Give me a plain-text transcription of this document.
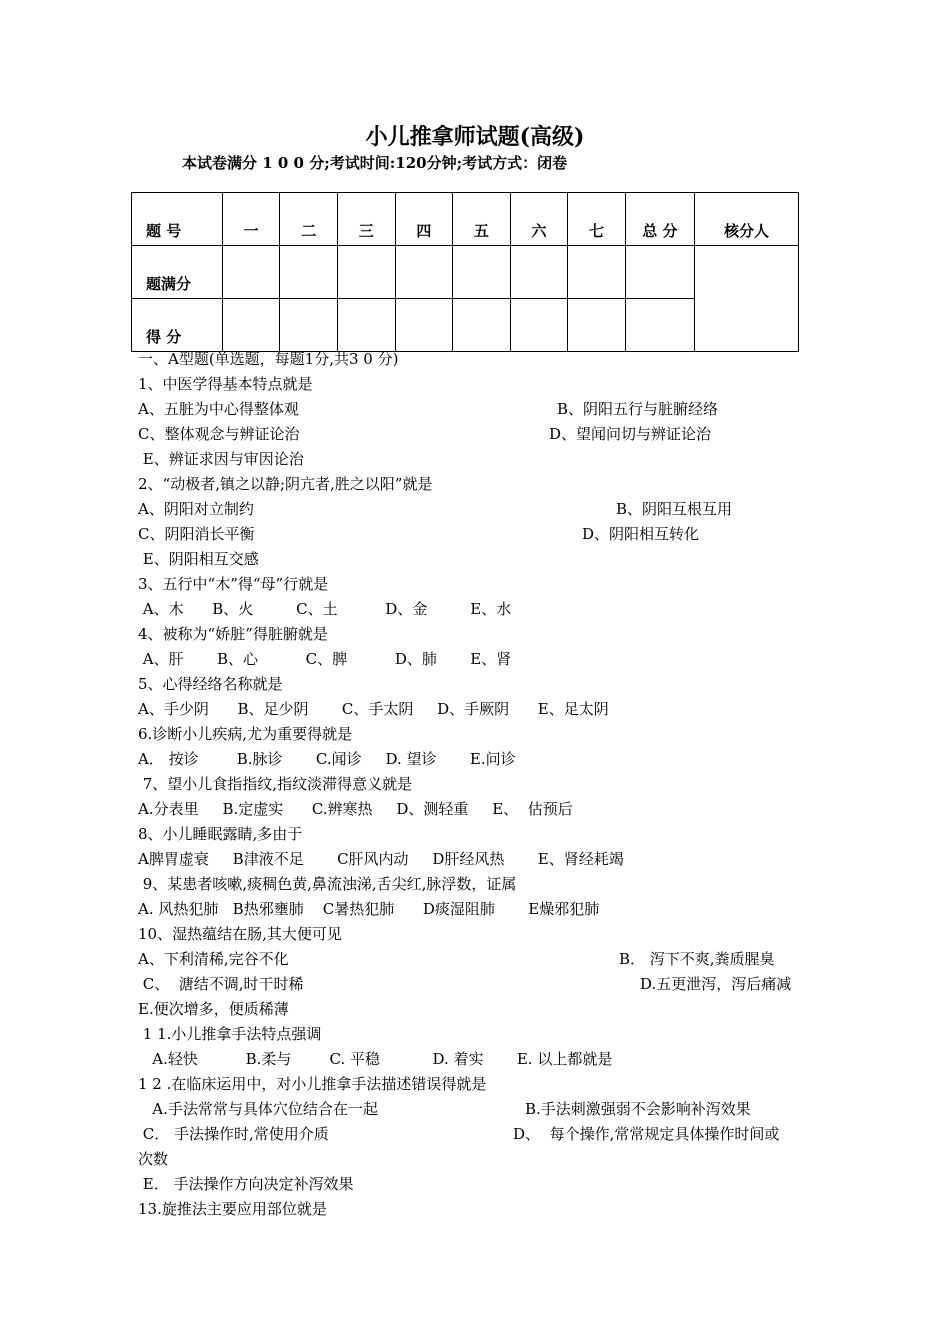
小儿推拿师试题(高级)
本试卷满分 1 0 0 分;考试时间:120分钟;考试方式：闭卷
题 号	一	二	三	四	五	六	七	总 分	核分人
题满分									
得 分									
一、A型题(单选题，每题1分,共3 0 分)
1、中医学得基本特点就是
A、五脏为中心得整体观	B、阴阳五行与脏腑经络
C、整体观念与辨证论治	D、望闻问切与辨证论治
E、辨证求因与审因论治
2、“动极者,镇之以静;阴亢者,胜之以阳”就是
A、阴阳对立制约	B、阴阳互根互用
C、阴阳消长平衡	D、阴阳相互转化
E、阴阳相互交感
3、五行中“木”得“母”行就是
A、木      B、火         C、土          D、金         E、水
4、被称为“娇脏”得脏腑就是
A、肝       B、心          C、脾          D、肺       E、肾
5、心得经络名称就是
A、手少阴      B、足少阴       C、手太阴     D、手厥阴      E、足太阴
6.诊断小儿疾病,尤为重要得就是
A． 按诊        B.脉诊       C.闻诊     D. 望诊       E.问诊
7、望小儿食指指纹,指纹淡滞得意义就是
A.分表里     B.定虚实      C.辨寒热     D、测轻重     E、  估预后
8、小儿睡眠露睛,多由于
A脾胃虚衰     B津液不足       C肝风内动     D肝经风热       E、肾经耗竭
9、某患者咳嗽,痰稠色黄,鼻流浊涕,舌尖红,脉浮数，证属
A. 风热犯肺   B热邪壅肺    C暑热犯肺      D痰湿阻肺       E燥邪犯肺
10、湿热蕴结在肠,其大便可见
A、下利清稀,完谷不化	B． 泻下不爽,粪质腥臭
C、  溏结不调,时干时稀	D.五更泄泻，泻后痛减
E.便次增多，便质稀薄
1 1.小儿推拿手法特点强调
A.轻快          B.柔与        C. 平稳           D. 着实       E. 以上都就是
1 2 .在临床运用中，对小儿推拿手法描述错误得就是
A.手法常常与具体穴位结合在一起	B.手法刺激强弱不会影响补泻效果
C． 手法操作时,常使用介质	D、  每个操作,常常规定具体操作时间或
次数
E． 手法操作方向决定补泻效果
13.旋推法主要应用部位就是
